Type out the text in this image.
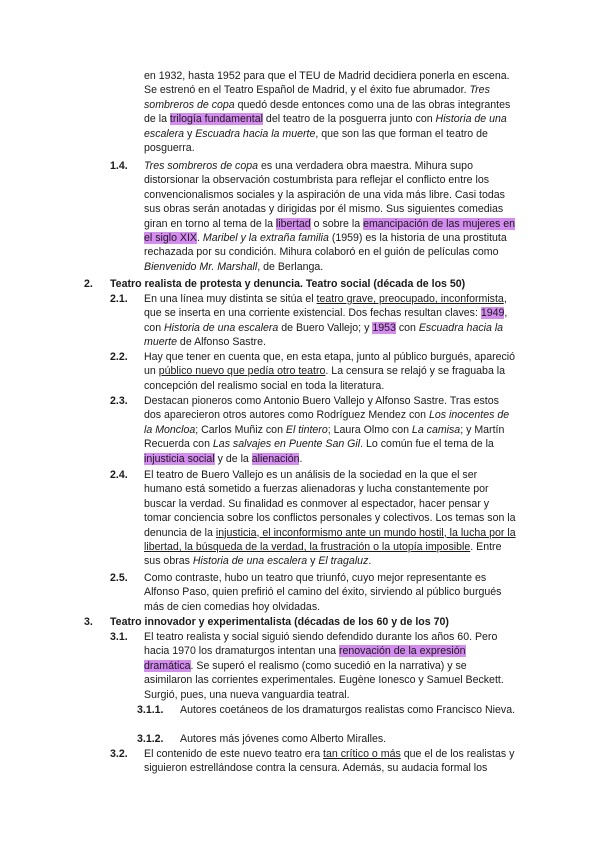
en 1932, hasta 1952 para que el TEU de Madrid decidiera ponerla en escena. Se estrenó en el Teatro Español de Madrid, y el éxito fue abrumador. Tres sombreros de copa quedó desde entonces como una de las obras integrantes de la trilogía fundamental del teatro de la posguerra junto con Historia de una escalera y Escuadra hacia la muerte, que son las que forman el teatro de posguerra.
1.4. Tres sombreros de copa es una verdadera obra maestra. Mihura supo distorsionar la observación costumbrista para reflejar el conflicto entre los convencionalismos sociales y la aspiración de una vida más libre. Casi todas sus obras serán anotadas y dirigidas por él mismo. Sus siguientes comedias giran en torno al tema de la libertad o sobre la emancipación de las mujeres en el siglo XIX. Maribel y la extraña familia (1959) es la historia de una prostituta rechazada por su condición. Mihura colaboró en el guión de películas como Bienvenido Mr. Marshall, de Berlanga.
2. Teatro realista de protesta y denuncia. Teatro social (década de los 50)
2.1. En una línea muy distinta se sitúa el teatro grave, preocupado, inconformista, que se inserta en una corriente existencial. Dos fechas resultan claves: 1949, con Historia de una escalera de Buero Vallejo; y 1953 con Escuadra hacia la muerte de Alfonso Sastre.
2.2. Hay que tener en cuenta que, en esta etapa, junto al público burgués, apareció un público nuevo que pedía otro teatro. La censura se relajó y se fraguaba la concepción del realismo social en toda la literatura.
2.3. Destacan pioneros como Antonio Buero Vallejo y Alfonso Sastre. Tras estos dos aparecieron otros autores como Rodríguez Mendez con Los inocentes de la Moncloa; Carlos Muñiz con El tintero; Laura Olmo con La camisa; y Martín Recuerda con Las salvajes en Puente San Gil. Lo común fue el tema de la injusticia social y de la alienación.
2.4. El teatro de Buero Vallejo es un análisis de la sociedad en la que el ser humano está sometido a fuerzas alienadoras y lucha constantemente por buscar la verdad. Su finalidad es conmover al espectador, hacer pensar y tomar conciencia sobre los conflictos personales y colectivos. Los temas son la denuncia de la injusticia, el inconformismo ante un mundo hostil, la lucha por la libertad, la búsqueda de la verdad, la frustración o la utopía imposible. Entre sus obras Historia de una escalera y El tragaluz.
2.5. Como contraste, hubo un teatro que triunfó, cuyo mejor representante es Alfonso Paso, quien prefirió el camino del éxito, sirviendo al público burgués más de cien comedias hoy olvidadas.
3. Teatro innovador y experimentalista (décadas de los 60 y de los 70)
3.1. El teatro realista y social siguió siendo defendido durante los años 60. Pero hacia 1970 los dramaturgos intentan una renovación de la expresión dramática. Se superó el realismo (como sucedió en la narrativa) y se asimilaron las corrientes experimentales. Eugène Ionesco y Samuel Beckett. Surgió, pues, una nueva vanguardia teatral.
3.1.1. Autores coetáneos de los dramaturgos realistas como Francisco Nieva.
3.1.2. Autores más jóvenes como Alberto Miralles.
3.2. El contenido de este nuevo teatro era tan crítico o más que el de los realistas y siguieron estrellándose contra la censura. Además, su audacia formal los
